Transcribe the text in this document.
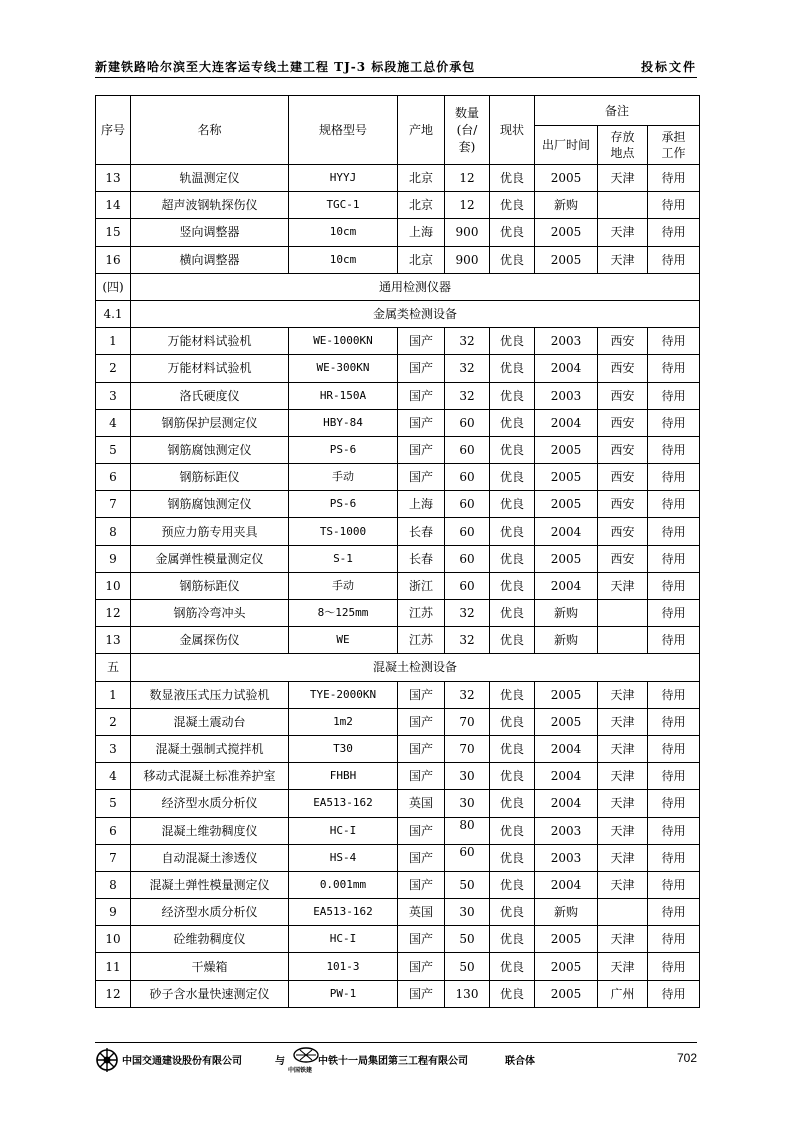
新建铁路哈尔滨至大连客运专线土建工程 TJ-3 标段施工总价承包	投标文件
序号	名称	规格型号	产地	数量(台/套)	现状	备注		
						出厂时间	存放地点	承担工作

13	轨温测定仪	HYYJ	北京	12	优良	2005	天津	待用
14	超声波钢轨探伤仪	TGC-1	北京	12	优良	新购		待用
15	竖向调整器	10cm	上海	900	优良	2005	天津	待用
16	横向调整器	10cm	北京	900	优良	2005	天津	待用
(四)	通用检测仪器							
4.1	金属类检测设备							
1	万能材料试验机	WE-1000KN	国产	32	优良	2003	西安	待用
2	万能材料试验机	WE-300KN	国产	32	优良	2004	西安	待用
3	洛氏硬度仪	HR-150A	国产	32	优良	2003	西安	待用
4	钢筋保护层测定仪	HBY-84	国产	60	优良	2004	西安	待用
5	钢筋腐蚀测定仪	PS-6	国产	60	优良	2005	西安	待用
6	钢筋标距仪	手动	国产	60	优良	2005	西安	待用
7	钢筋腐蚀测定仪	PS-6	上海	60	优良	2005	西安	待用
8	预应力筋专用夹具	TS-1000	长春	60	优良	2004	西安	待用
9	金属弹性模量测定仪	S-1	长春	60	优良	2005	西安	待用
10	钢筋标距仪	手动	浙江	60	优良	2004	天津	待用
12	钢筋冷弯冲头	8～125mm	江苏	32	优良	新购		待用
13	金属探伤仪	WE	江苏	32	优良	新购		待用
五	混凝土检测设备							
1	数显液压式压力试验机	TYE-2000KN	国产	32	优良	2005	天津	待用
2	混凝土震动台	1m2	国产	70	优良	2005	天津	待用
3	混凝土强制式搅拌机	T30	国产	70	优良	2004	天津	待用
4	移动式混凝土标准养护室	FHBH	国产	30	优良	2004	天津	待用
5	经济型水质分析仪	EA513-162	英国	30	优良	2004	天津	待用
6	混凝土维勃稠度仪	HC-I	国产	80	优良	2003	天津	待用
7	自动混凝土渗透仪	HS-4	国产	60	优良	2003	天津	待用
8	混凝土弹性模量测定仪	0.001mm	国产	50	优良	2004	天津	待用
9	经济型水质分析仪	EA513-162	英国	30	优良	新购		待用
10	砼维勃稠度仪	HC-I	国产	50	优良	2005	天津	待用
11	干燥箱	101-3	国产	50	优良	2005	天津	待用
12	砂子含水量快速测定仪	PW-1	国产	130	优良	2005	广州	待用
中国交通建设股份有限公司	与
中国铁建
中铁十一局集团第三工程有限公司	联合体	702
